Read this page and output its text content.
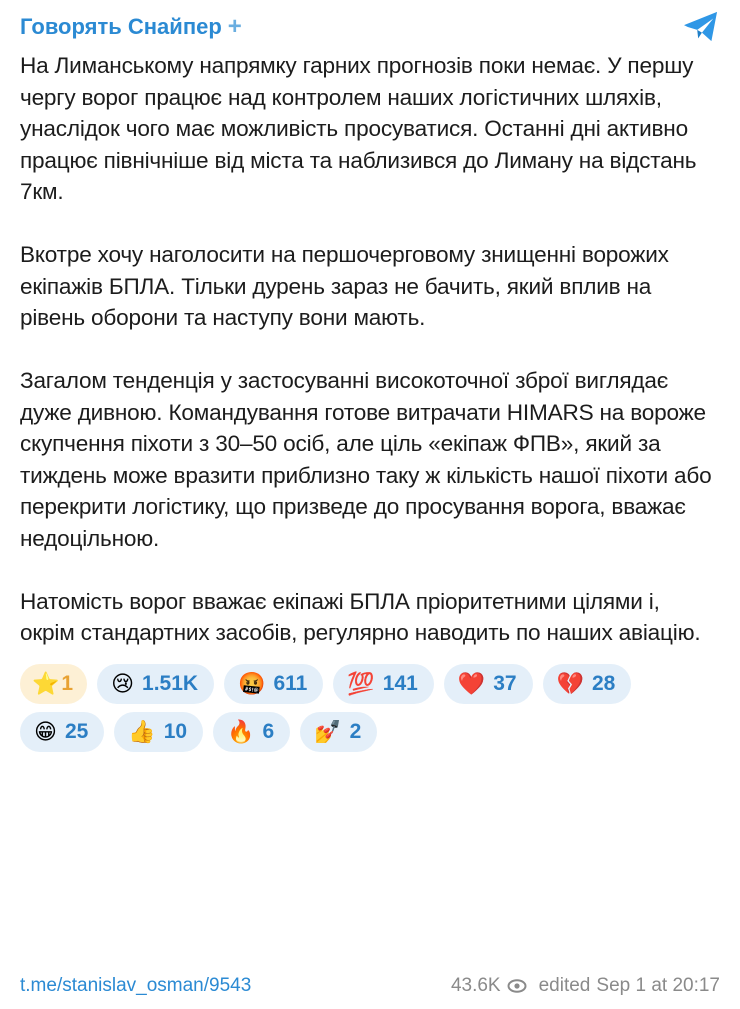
Говорять Снайпер +

На Лиманському напрямку гарних прогнозів поки немає. У першу чергу ворог працює над контролем наших логістичних шляхів, унаслідок чого має можливість просуватися. Останні дні активно працює північніше від міста та наблизився до Лиману на відстань 7км.

Вкотре хочу наголосити на першочерговому знищенні ворожих екіпажів БПЛА. Тільки дурень зараз не бачить, який вплив на рівень оборони та наступу вони мають.

Загалом тенденція у застосуванні високоточної зброї виглядає дуже дивною. Командування готове витрачати HIMARS на вороже скупчення піхоти з 30–50 осіб, але ціль «екіпаж ФПВ», який за тиждень може вразити приблизно таку ж кількість нашої піхоти або перекрити логістику, що призведе до просування ворога, вважає недоцільною.

Натомість ворог вважає екіпажі БПЛА пріоритетними цілями і, окрім стандартних засобів, регулярно наводить по наших авіацію.

⭐ 1 😢 1.51K 🤬 611 💯 141 ❤️ 37 💔 28
😁 25 👍 10 🔥 6 💅 2
t.me/stanislav_osman/9543	43.6K edited Sep 1 at 20:17
